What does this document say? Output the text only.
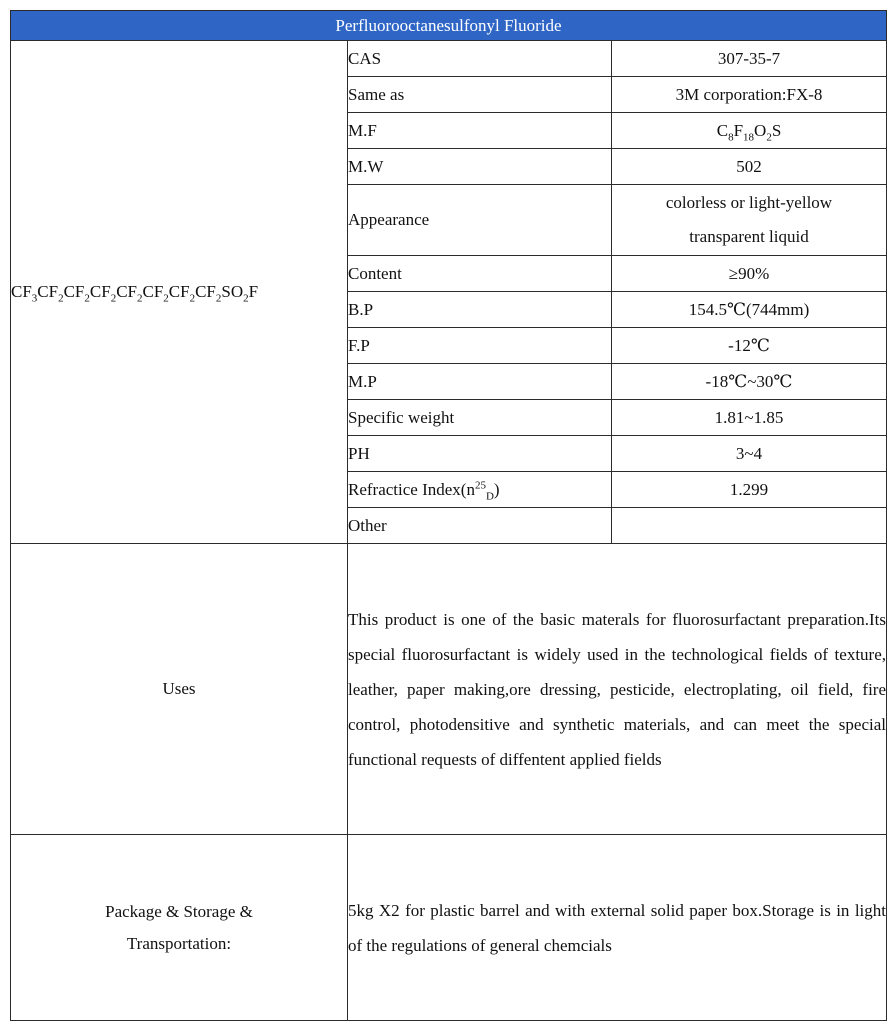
Perfluorooctanesulfonyl Fluoride		
$CF_3CF_2CF_2CF_2CF_2CF_2CF_2CF_2SO_2F$	CAS	307-35-7
	Same as	3M corporation:FX-8
	M.F	$C_8F_{18}O_2S$
	M.W	502
	Appearance	colorless or light-yellow
transparent liquid

	Content	≥90%
	B.P	154.5℃(744mm)
	F.P	-12℃
	M.P	-18℃~30℃
	Specific weight	1.81~1.85
	PH	3~4
	Refractice $Index(n^{25}_D)$	1.299
	Other	
Uses	This product is one of the basic materals for fluorosurfactant preparation.Its special fluorosurfactant is widely used in the technological fields of texture, leather, paper making,ore dressing, pesticide, electroplating, oil field, fire control, photodensitive and synthetic materials, and can meet the special functional requests of diffentent applied fields	
Package & Storage &
Transportation:	5kg X2 for plastic barrel and with external solid paper box.Storage is in light of the regulations of general chemcials	
